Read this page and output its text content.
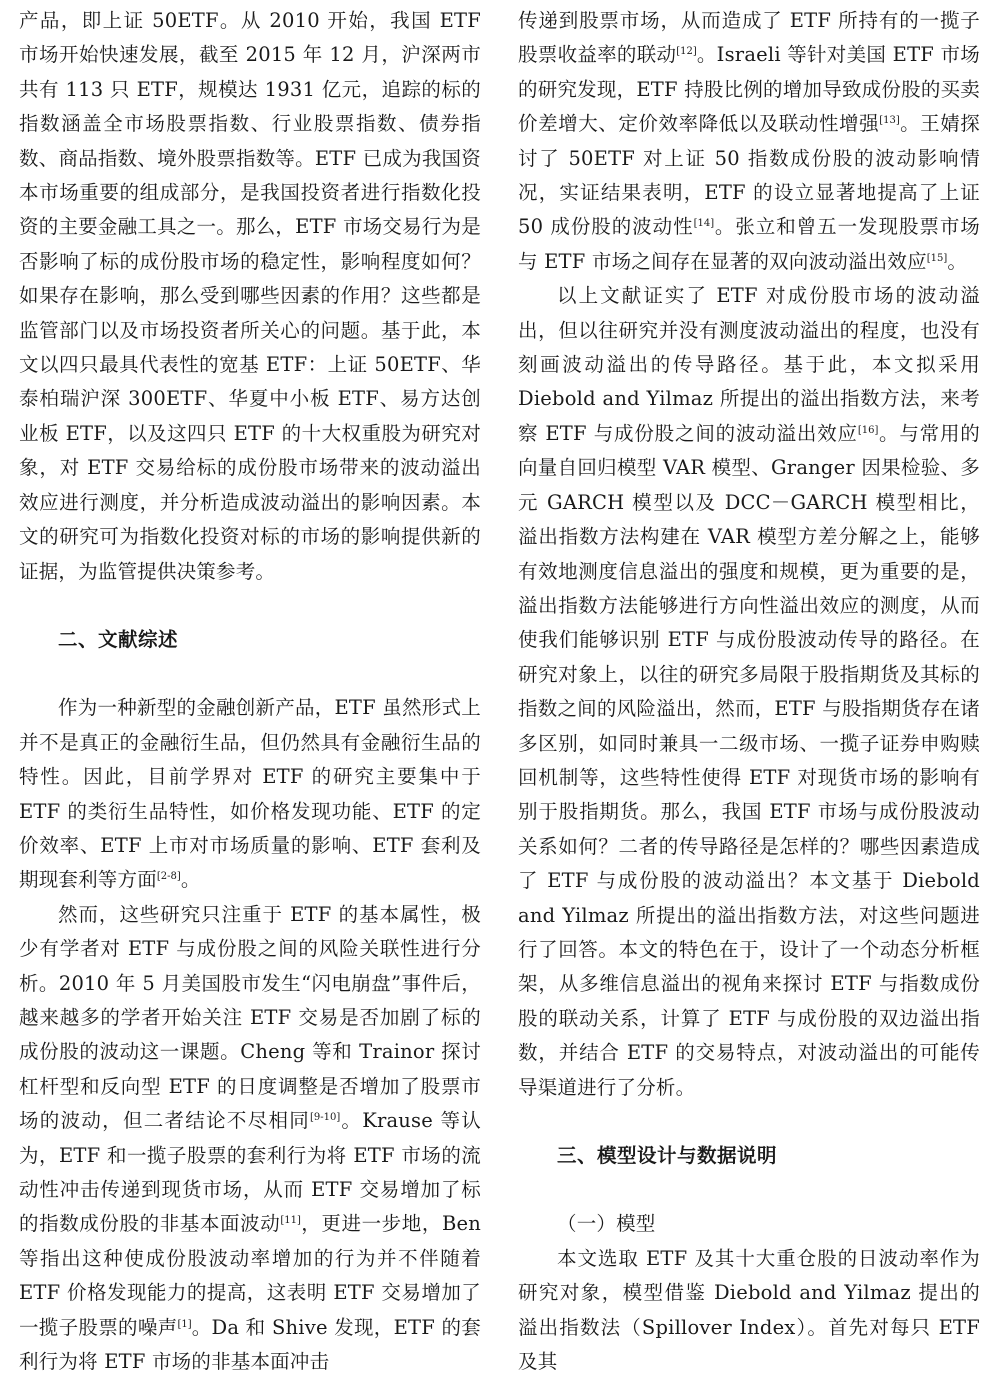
产品，即上证 50ETF。从 2010 开始，我国 ETF 市场开始快速发展，截至 2015 年 12 月，沪深两市共有 113 只 ETF，规模达 1931 亿元，追踪的标的指数涵盖全市场股票指数、行业股票指数、债券指数、商品指数、境外股票指数等。ETF 已成为我国资本市场重要的组成部分，是我国投资者进行指数化投资的主要金融工具之一。那么，ETF 市场交易行为是否影响了标的成份股市场的稳定性，影响程度如何？如果存在影响，那么受到哪些因素的作用？这些都是监管部门以及市场投资者所关心的问题。基于此，本文以四只最具代表性的宽基 ETF：上证 50ETF、华泰柏瑞沪深 300ETF、华夏中小板 ETF、易方达创业板 ETF，以及这四只 ETF 的十大权重股为研究对象，对 ETF 交易给标的成份股市场带来的波动溢出效应进行测度，并分析造成波动溢出的影响因素。本文的研究可为指数化投资对标的市场的影响提供新的证据，为监管提供决策参考。

二、文献综述

作为一种新型的金融创新产品，ETF 虽然形式上并不是真正的金融衍生品，但仍然具有金融衍生品的特性。因此，目前学界对 ETF 的研究主要集中于 ETF 的类衍生品特性，如价格发现功能、ETF 的定价效率、ETF 上市对市场质量的影响、ETF 套利及期现套利等方面[2-8]。

然而，这些研究只注重于 ETF 的基本属性，极少有学者对 ETF 与成份股之间的风险关联性进行分析。2010 年 5 月美国股市发生“闪电崩盘”事件后，越来越多的学者开始关注 ETF 交易是否加剧了标的成份股的波动这一课题。Cheng 等和 Trainor 探讨杠杆型和反向型 ETF 的日度调整是否增加了股票市场的波动，但二者结论不尽相同[9-10]。Krause 等认为，ETF 和一揽子股票的套利行为将 ETF 市场的流动性冲击传递到现货市场，从而 ETF 交易增加了标的指数成份股的非基本面波动[11]，更进一步地，Ben 等指出这种使成份股波动率增加的行为并不伴随着 ETF 价格发现能力的提高，这表明 ETF 交易增加了一揽子股票的噪声[1]。Da 和 Shive 发现，ETF 的套利行为将 ETF 市场的非基本面冲击

传递到股票市场，从而造成了 ETF 所持有的一揽子股票收益率的联动[12]。Israeli 等针对美国 ETF 市场的研究发现，ETF 持股比例的增加导致成份股的买卖价差增大、定价效率降低以及联动性增强[13]。王婧探讨了 50ETF 对上证 50 指数成份股的波动影响情况，实证结果表明，ETF 的设立显著地提高了上证 50 成份股的波动性[14]。张立和曾五一发现股票市场与 ETF 市场之间存在显著的双向波动溢出效应[15]。

以上文献证实了 ETF 对成份股市场的波动溢出，但以往研究并没有测度波动溢出的程度，也没有刻画波动溢出的传导路径。基于此，本文拟采用 Diebold and Yilmaz 所提出的溢出指数方法，来考察 ETF 与成份股之间的波动溢出效应[16]。与常用的向量自回归模型 VAR 模型、Granger 因果检验、多元 GARCH 模型以及 DCC－GARCH 模型相比，溢出指数方法构建在 VAR 模型方差分解之上，能够有效地测度信息溢出的强度和规模，更为重要的是，溢出指数方法能够进行方向性溢出效应的测度，从而使我们能够识别 ETF 与成份股波动传导的路径。在研究对象上，以往的研究多局限于股指期货及其标的指数之间的风险溢出，然而，ETF 与股指期货存在诸多区别，如同时兼具一二级市场、一揽子证券申购赎回机制等，这些特性使得 ETF 对现货市场的影响有别于股指期货。那么，我国 ETF 市场与成份股波动关系如何？二者的传导路径是怎样的？哪些因素造成了 ETF 与成份股的波动溢出？本文基于 Diebold and Yilmaz 所提出的溢出指数方法，对这些问题进行了回答。本文的特色在于，设计了一个动态分析框架，从多维信息溢出的视角来探讨 ETF 与指数成份股的联动关系，计算了 ETF 与成份股的双边溢出指数，并结合 ETF 的交易特点，对波动溢出的可能传导渠道进行了分析。

三、模型设计与数据说明

（一）模型

本文选取 ETF 及其十大重仓股的日波动率作为研究对象，模型借鉴 Diebold and Yilmaz 提出的溢出指数法（Spillover Index）。首先对每只 ETF 及其
